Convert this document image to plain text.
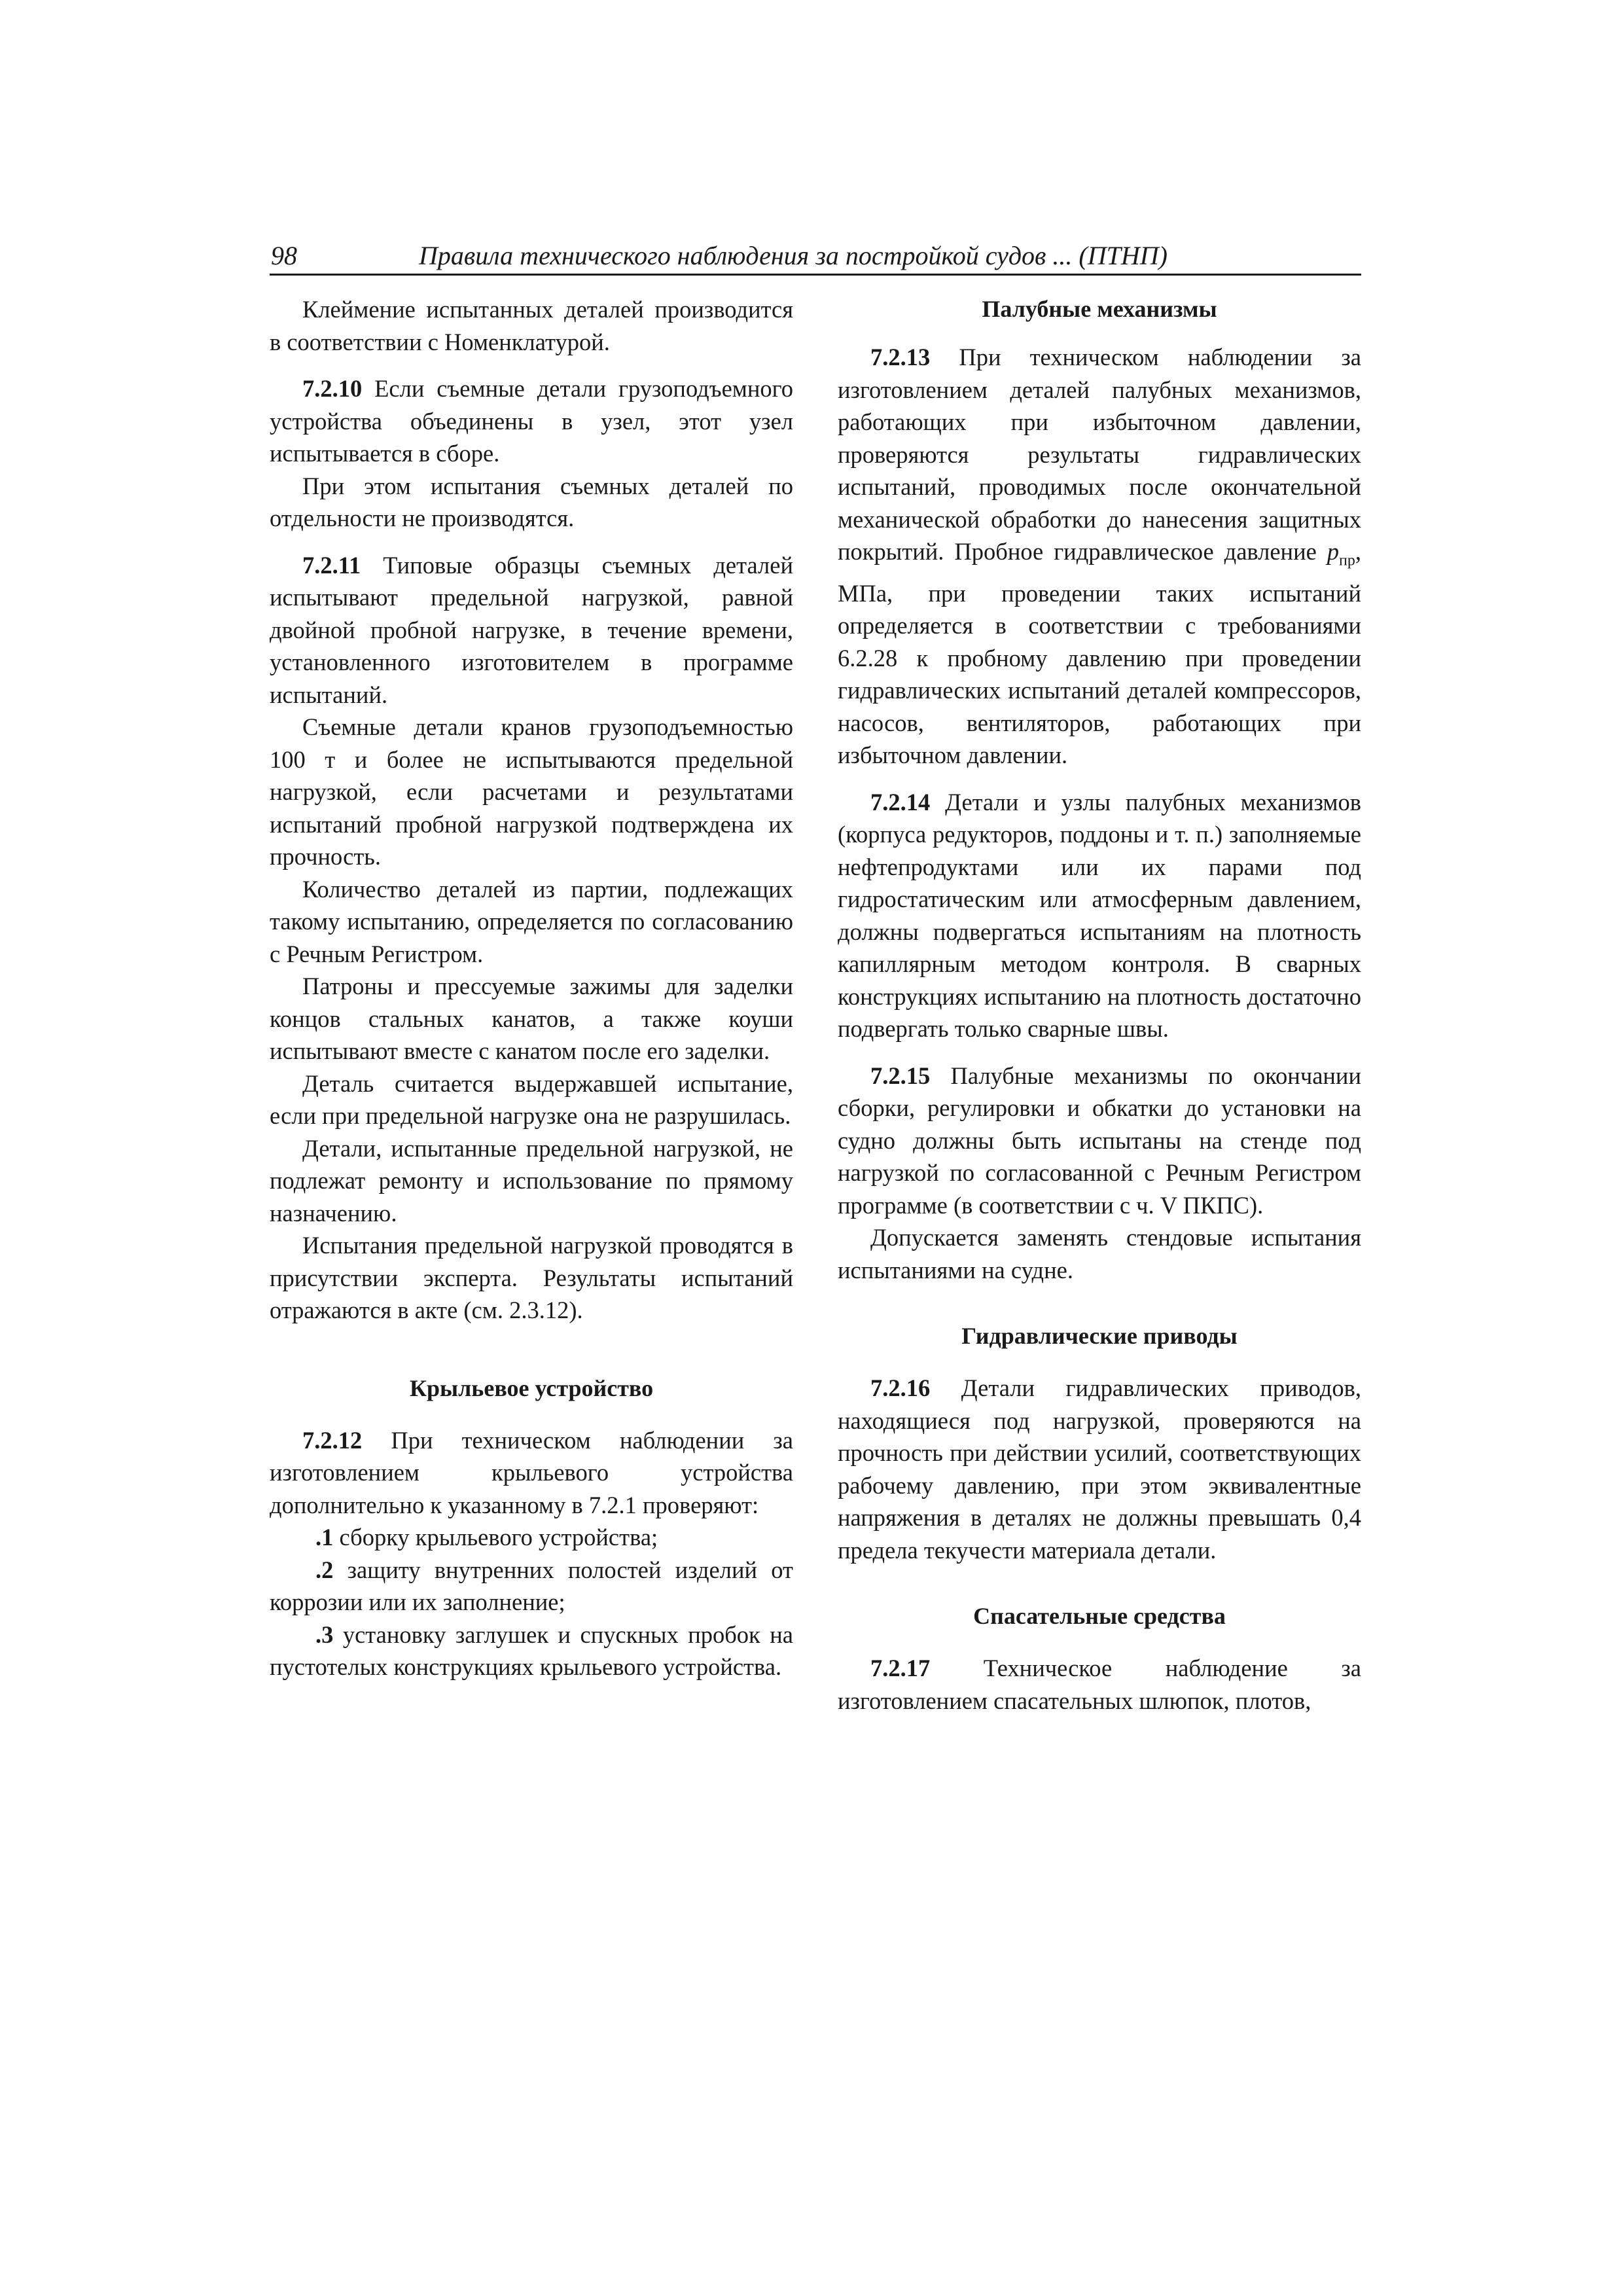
98	Правила технического наблюдения за постройкой судов ... (ПТНП)

Клеймение испытанных деталей производится в соответствии с Номенклатурой.

7.2.10 Если съемные детали грузоподъемного устройства объединены в узел, этот узел испытывается в сборе.

При этом испытания съемных деталей по отдельности не производятся.

7.2.11 Типовые образцы съемных деталей испытывают предельной нагрузкой, равной двойной пробной нагрузке, в течение времени, установленного изготовителем в программе испытаний.

Съемные детали кранов грузоподъемностью 100 т и более не испытываются предельной нагрузкой, если расчетами и результатами испытаний пробной нагрузкой подтверждена их прочность.

Количество деталей из партии, подлежащих такому испытанию, определяется по согласованию с Речным Регистром.

Патроны и прессуемые зажимы для заделки концов стальных канатов, а также коуши испытывают вместе с канатом после его заделки.

Деталь считается выдержавшей испытание, если при предельной нагрузке она не разрушилась.

Детали, испытанные предельной нагрузкой, не подлежат ремонту и использование по прямому назначению.

Испытания предельной нагрузкой проводятся в присутствии эксперта. Результаты испытаний отражаются в акте (см. 2.3.12).

Крыльевое устройство

7.2.12 При техническом наблюдении за изготовлением крыльевого устройства дополнительно к указанному в 7.2.1 проверяют:

.1 сборку крыльевого устройства;

.2 защиту внутренних полостей изделий от коррозии или их заполнение;

.3 установку заглушек и спускных пробок на пустотелых конструкциях крыльевого устройства.

Палубные механизмы

7.2.13 При техническом наблюдении за изготовлением деталей палубных механизмов, работающих при избыточном давлении, проверяются результаты гидравлических испытаний, проводимых после окончательной механической обработки до нанесения защитных покрытий. Пробное гидравлическое давление $p_{пр}$, МПа, при проведении таких испытаний определяется в соответствии с требованиями 6.2.28 к пробному давлению при проведении гидравлических испытаний деталей компрессоров, насосов, вентиляторов, работающих при избыточном давлении.

7.2.14 Детали и узлы палубных механизмов (корпуса редукторов, поддоны и т. п.) заполняемые нефтепродуктами или их парами под гидростатическим или атмосферным давлением, должны подвергаться испытаниям на плотность капиллярным методом контроля. В сварных конструкциях испытанию на плотность достаточно подвергать только сварные швы.

7.2.15 Палубные механизмы по окончании сборки, регулировки и обкатки до установки на судно должны быть испытаны на стенде под нагрузкой по согласованной с Речным Регистром программе (в соответствии с ч. V ПКПС).

Допускается заменять стендовые испытания испытаниями на судне.

Гидравлические приводы

7.2.16 Детали гидравлических приводов, находящиеся под нагрузкой, проверяются на прочность при действии усилий, соответствующих рабочему давлению, при этом эквивалентные напряжения в деталях не должны превышать 0,4 предела текучести материала детали.

Спасательные средства

7.2.17 Техническое наблюдение за изготовлением спасательных шлюпок, плотов,
